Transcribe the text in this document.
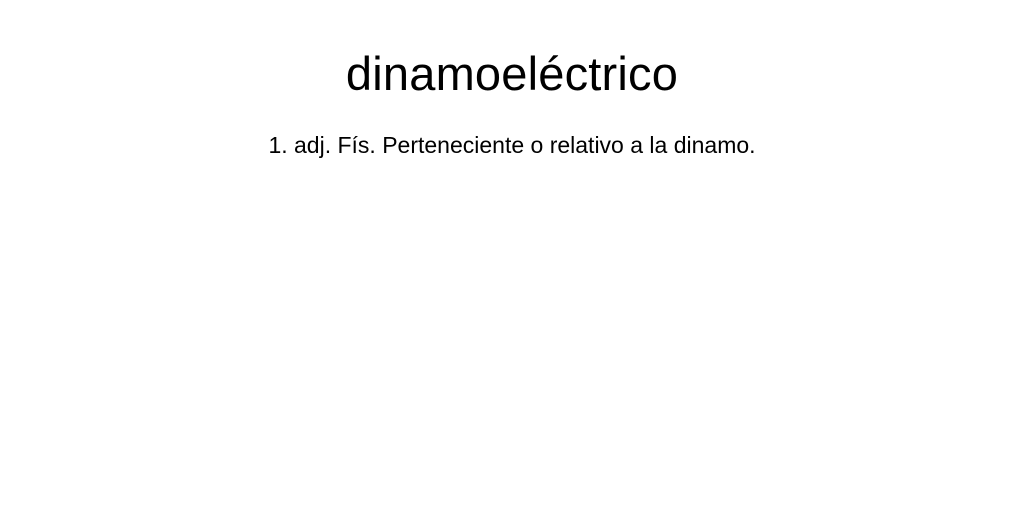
dinamoeléctrico

1. adj. Fís. Perteneciente o relativo a la dinamo.
